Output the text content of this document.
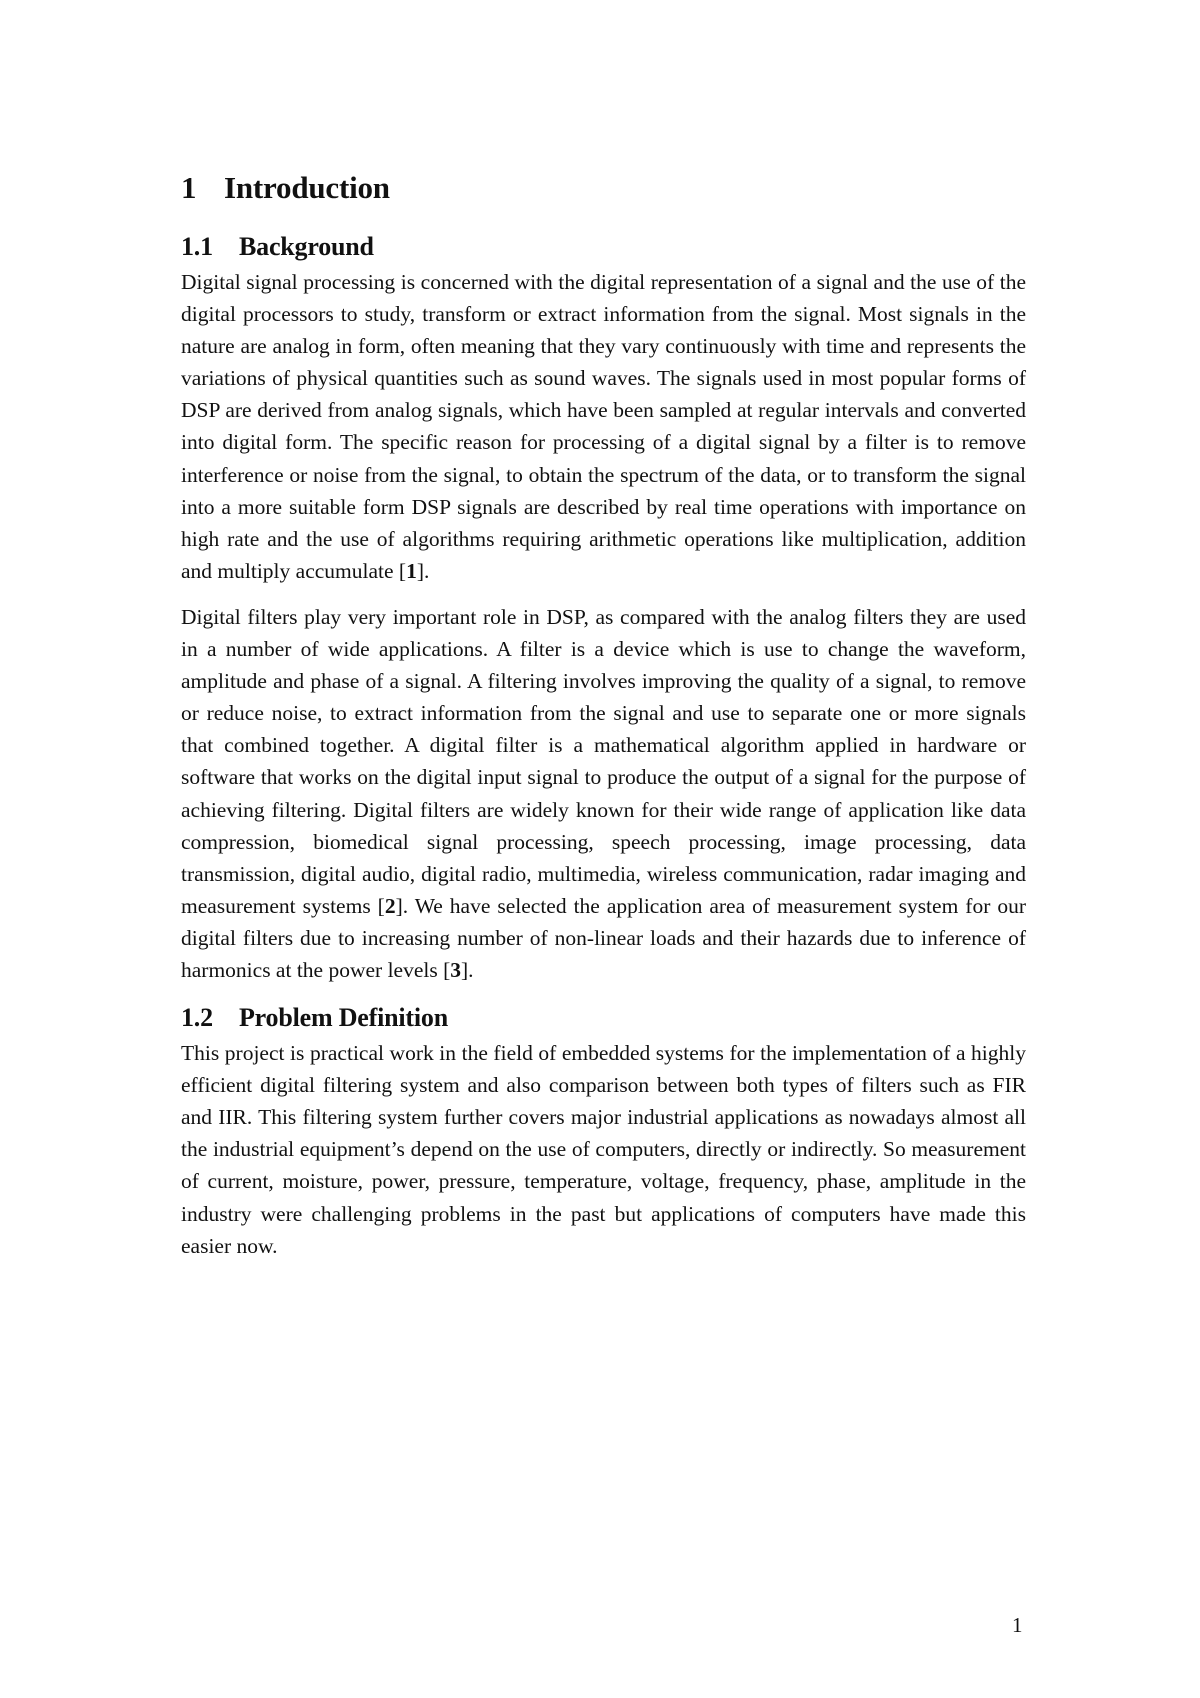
1 Introduction
1.1 Background

Digital signal processing is concerned with the digital representation of a signal and the use of the digital processors to study, transform or extract information from the signal. Most signals in the nature are analog in form, often meaning that they vary continuously with time and represents the variations of physical quantities such as sound waves. The signals used in most popular forms of DSP are derived from analog signals, which have been sampled at regular intervals and converted into digital form. The specific reason for processing of a digital signal by a filter is to remove interference or noise from the signal, to obtain the spectrum of the data, or to transform the signal into a more suitable form DSP signals are described by real time operations with importance on high rate and the use of algorithms requiring arithmetic operations like multiplication, addition and multiply accumulate [1].

Digital filters play very important role in DSP, as compared with the analog filters they are used in a number of wide applications. A filter is a device which is use to change the waveform, amplitude and phase of a signal. A filtering involves improving the quality of a signal, to remove or reduce noise, to extract information from the signal and use to separate one or more signals that combined together. A digital filter is a mathematical algorithm applied in hardware or software that works on the digital input signal to produce the output of a signal for the purpose of achieving filtering. Digital filters are widely known for their wide range of application like data compression, biomedical signal processing, speech processing, image processing, data transmission, digital audio, digital radio, multimedia, wireless communication, radar imaging and measurement systems [2]. We have selected the application area of measurement system for our digital filters due to increasing number of non-linear loads and their hazards due to inference of harmonics at the power levels [3].

1.2 Problem Definition

This project is practical work in the field of embedded systems for the implementation of a highly efficient digital filtering system and also comparison between both types of filters such as FIR and IIR. This filtering system further covers major industrial applications as nowadays almost all the industrial equipment’s depend on the use of computers, directly or indirectly. So measurement of current, moisture, power, pressure, temperature, voltage, frequency, phase, amplitude in the industry were challenging problems in the past but applications of computers have made this easier now.

1
